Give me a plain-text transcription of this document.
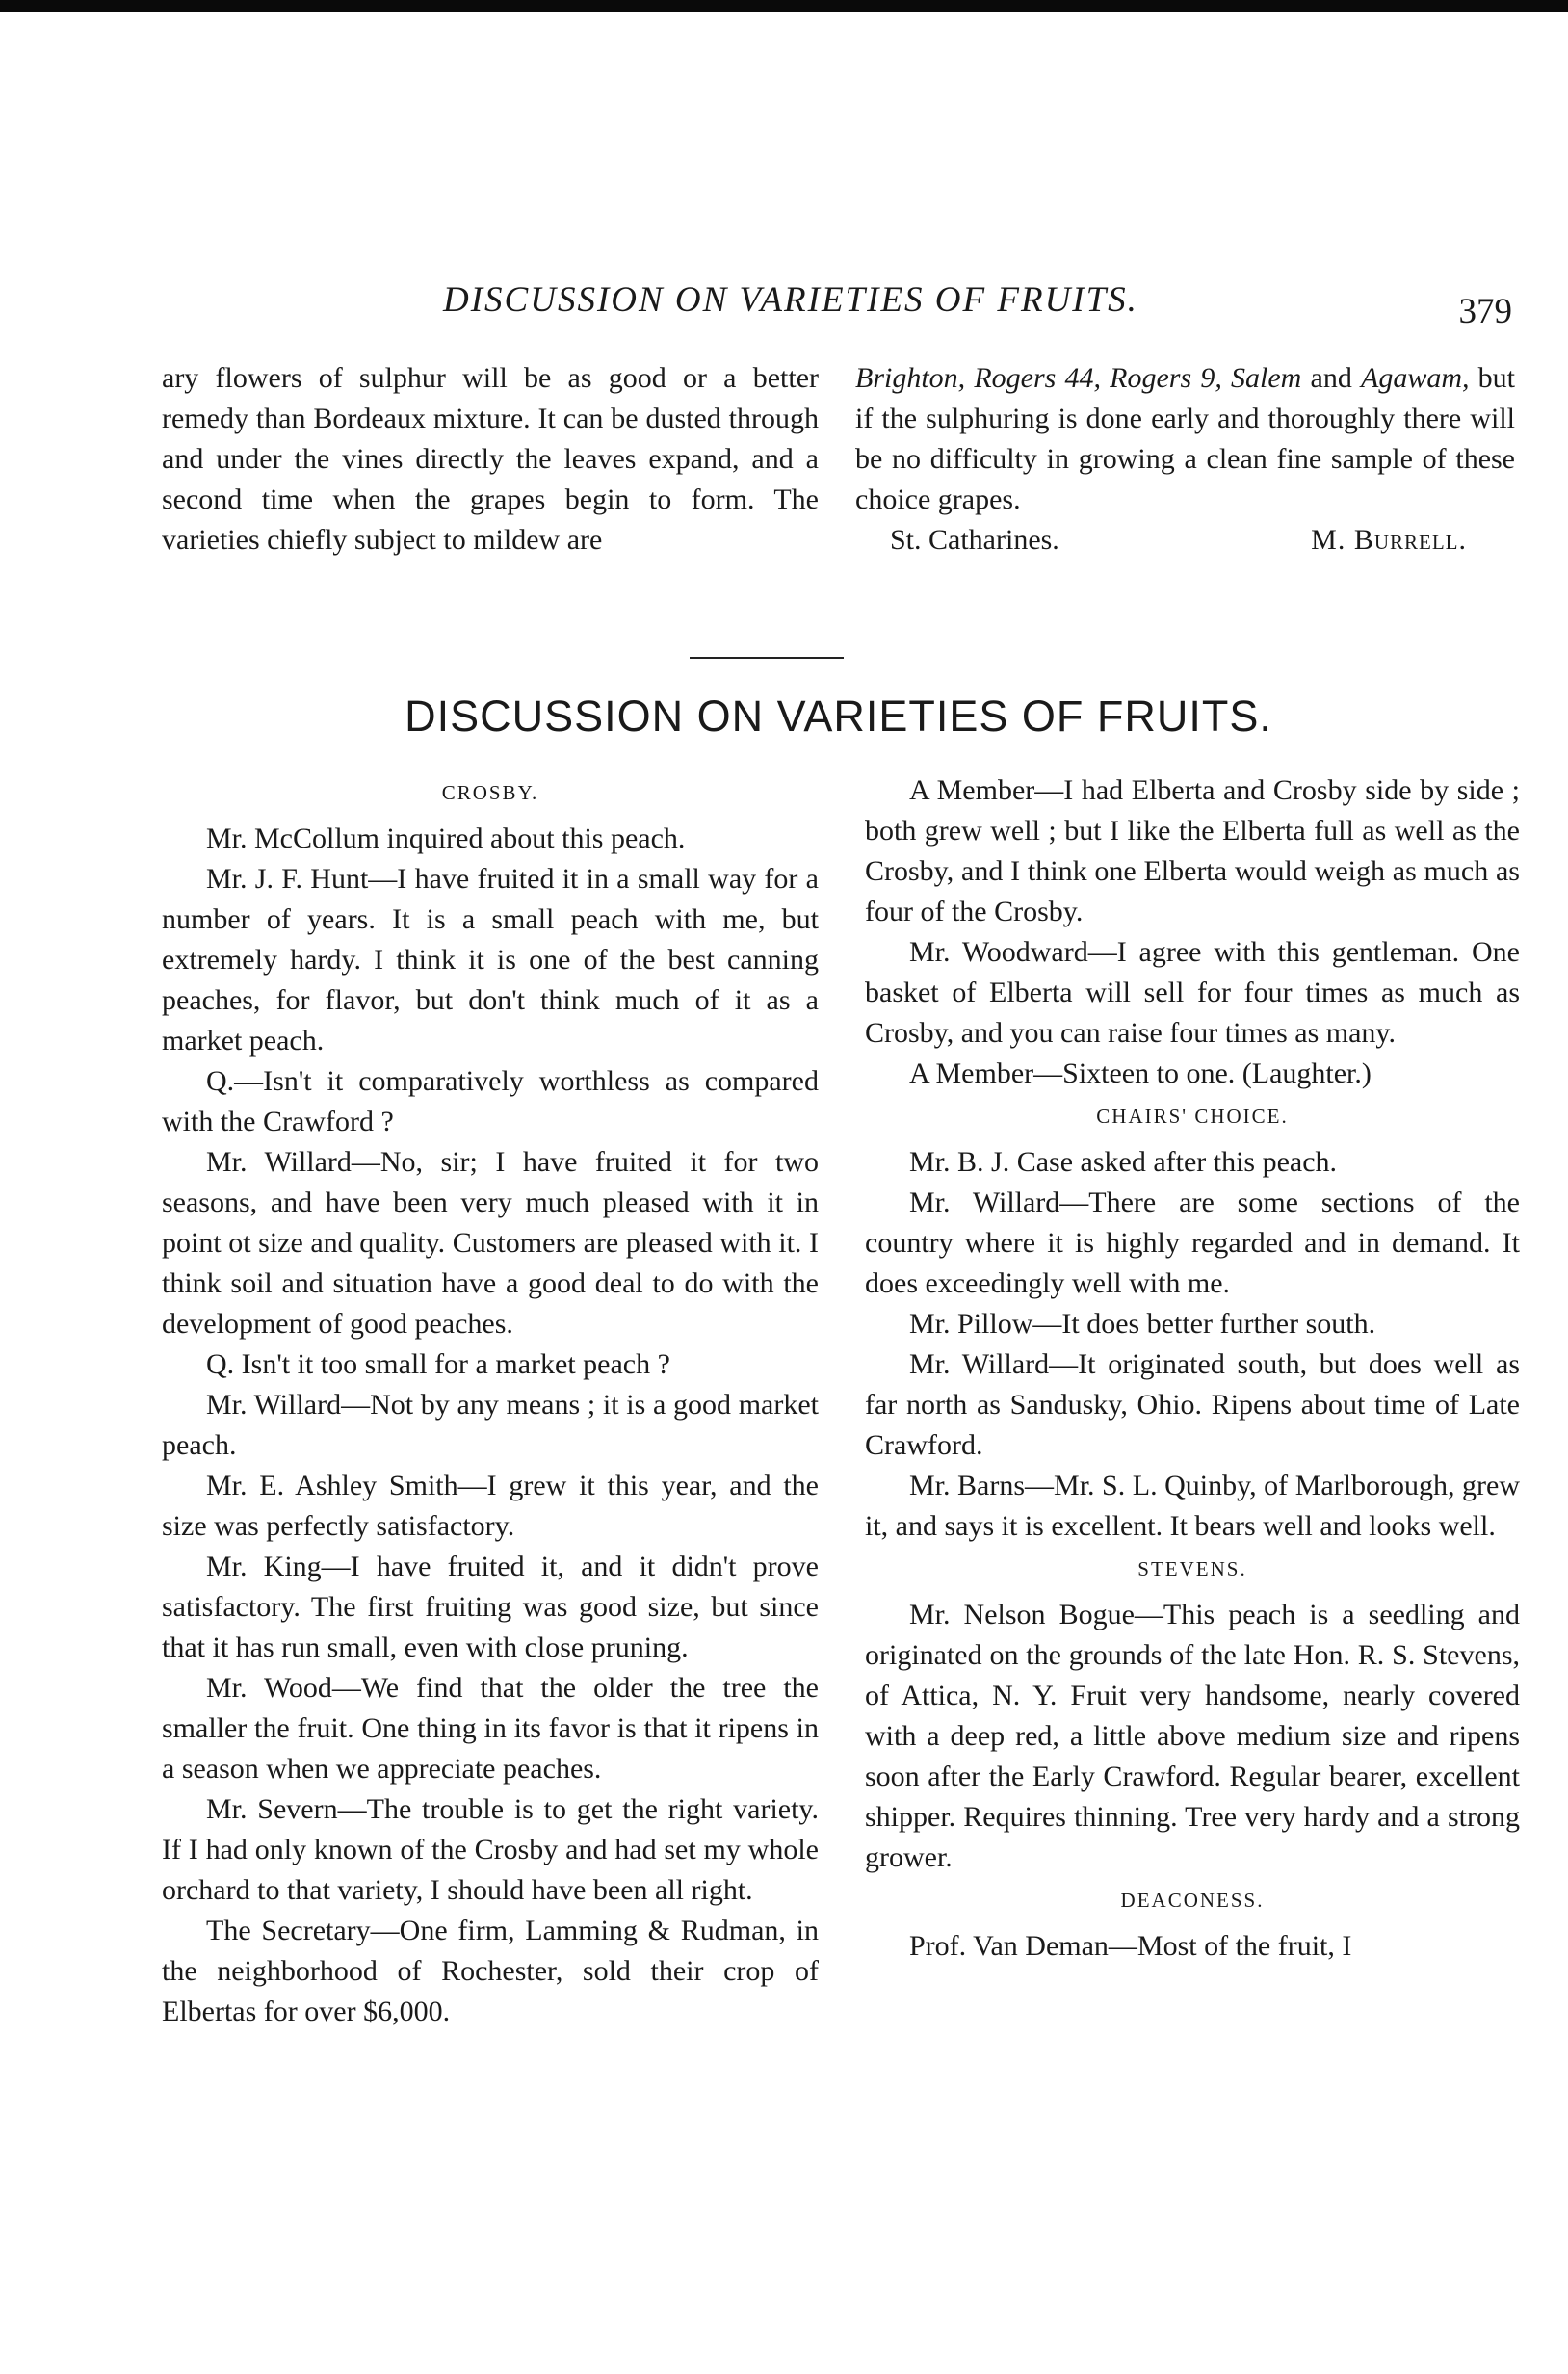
DISCUSSION ON VARIETIES OF FRUITS.	379

ary flowers of sulphur will be as good or a better remedy than Bordeaux mixture. It can be dusted through and under the vines directly the leaves expand, and a second time when the grapes begin to form. The varieties chiefly subject to mildew are

Brighton, Rogers 44, Rogers 9, Salem and Agawam, but if the sulphuring is done early and thoroughly there will be no difficulty in growing a clean fine sample of these choice grapes.

St. Catharines.	M. Burrell.
DISCUSSION ON VARIETIES OF FRUITS.
CROSBY.

Mr. McCollum inquired about this peach.

Mr. J. F. Hunt—I have fruited it in a small way for a number of years. It is a small peach with me, but extremely hardy. I think it is one of the best canning peaches, for flavor, but don't think much of it as a market peach.

Q.—Isn't it comparatively worthless as compared with the Crawford ?

Mr. Willard—No, sir; I have fruited it for two seasons, and have been very much pleased with it in point ot size and quality. Customers are pleased with it. I think soil and situation have a good deal to do with the development of good peaches.

Q. Isn't it too small for a market peach ?

Mr. Willard—Not by any means ; it is a good market peach.

Mr. E. Ashley Smith—I grew it this year, and the size was perfectly satisfactory.

Mr. King—I have fruited it, and it didn't prove satisfactory. The first fruiting was good size, but since that it has run small, even with close pruning.

Mr. Wood—We find that the older the tree the smaller the fruit. One thing in its favor is that it ripens in a season when we appreciate peaches.

Mr. Severn—The trouble is to get the right variety. If I had only known of the Crosby and had set my whole orchard to that variety, I should have been all right.

The Secretary—One firm, Lamming & Rudman, in the neighborhood of Rochester, sold their crop of Elbertas for over $6,000.

A Member—I had Elberta and Crosby side by side ; both grew well ; but I like the Elberta full as well as the Crosby, and I think one Elberta would weigh as much as four of the Crosby.

Mr. Woodward—I agree with this gentleman. One basket of Elberta will sell for four times as much as Crosby, and you can raise four times as many.

A Member—Sixteen to one. (Laughter.)

CHAIRS' CHOICE.

Mr. B. J. Case asked after this peach.

Mr. Willard—There are some sections of the country where it is highly regarded and in demand. It does exceedingly well with me.

Mr. Pillow—It does better further south.

Mr. Willard—It originated south, but does well as far north as Sandusky, Ohio. Ripens about time of Late Crawford.

Mr. Barns—Mr. S. L. Quinby, of Marlborough, grew it, and says it is excellent. It bears well and looks well.

STEVENS.

Mr. Nelson Bogue—This peach is a seedling and originated on the grounds of the late Hon. R. S. Stevens, of Attica, N. Y. Fruit very handsome, nearly covered with a deep red, a little above medium size and ripens soon after the Early Crawford. Regular bearer, excellent shipper. Requires thinning. Tree very hardy and a strong grower.

DEACONESS.

Prof. Van Deman—Most of the fruit, I
